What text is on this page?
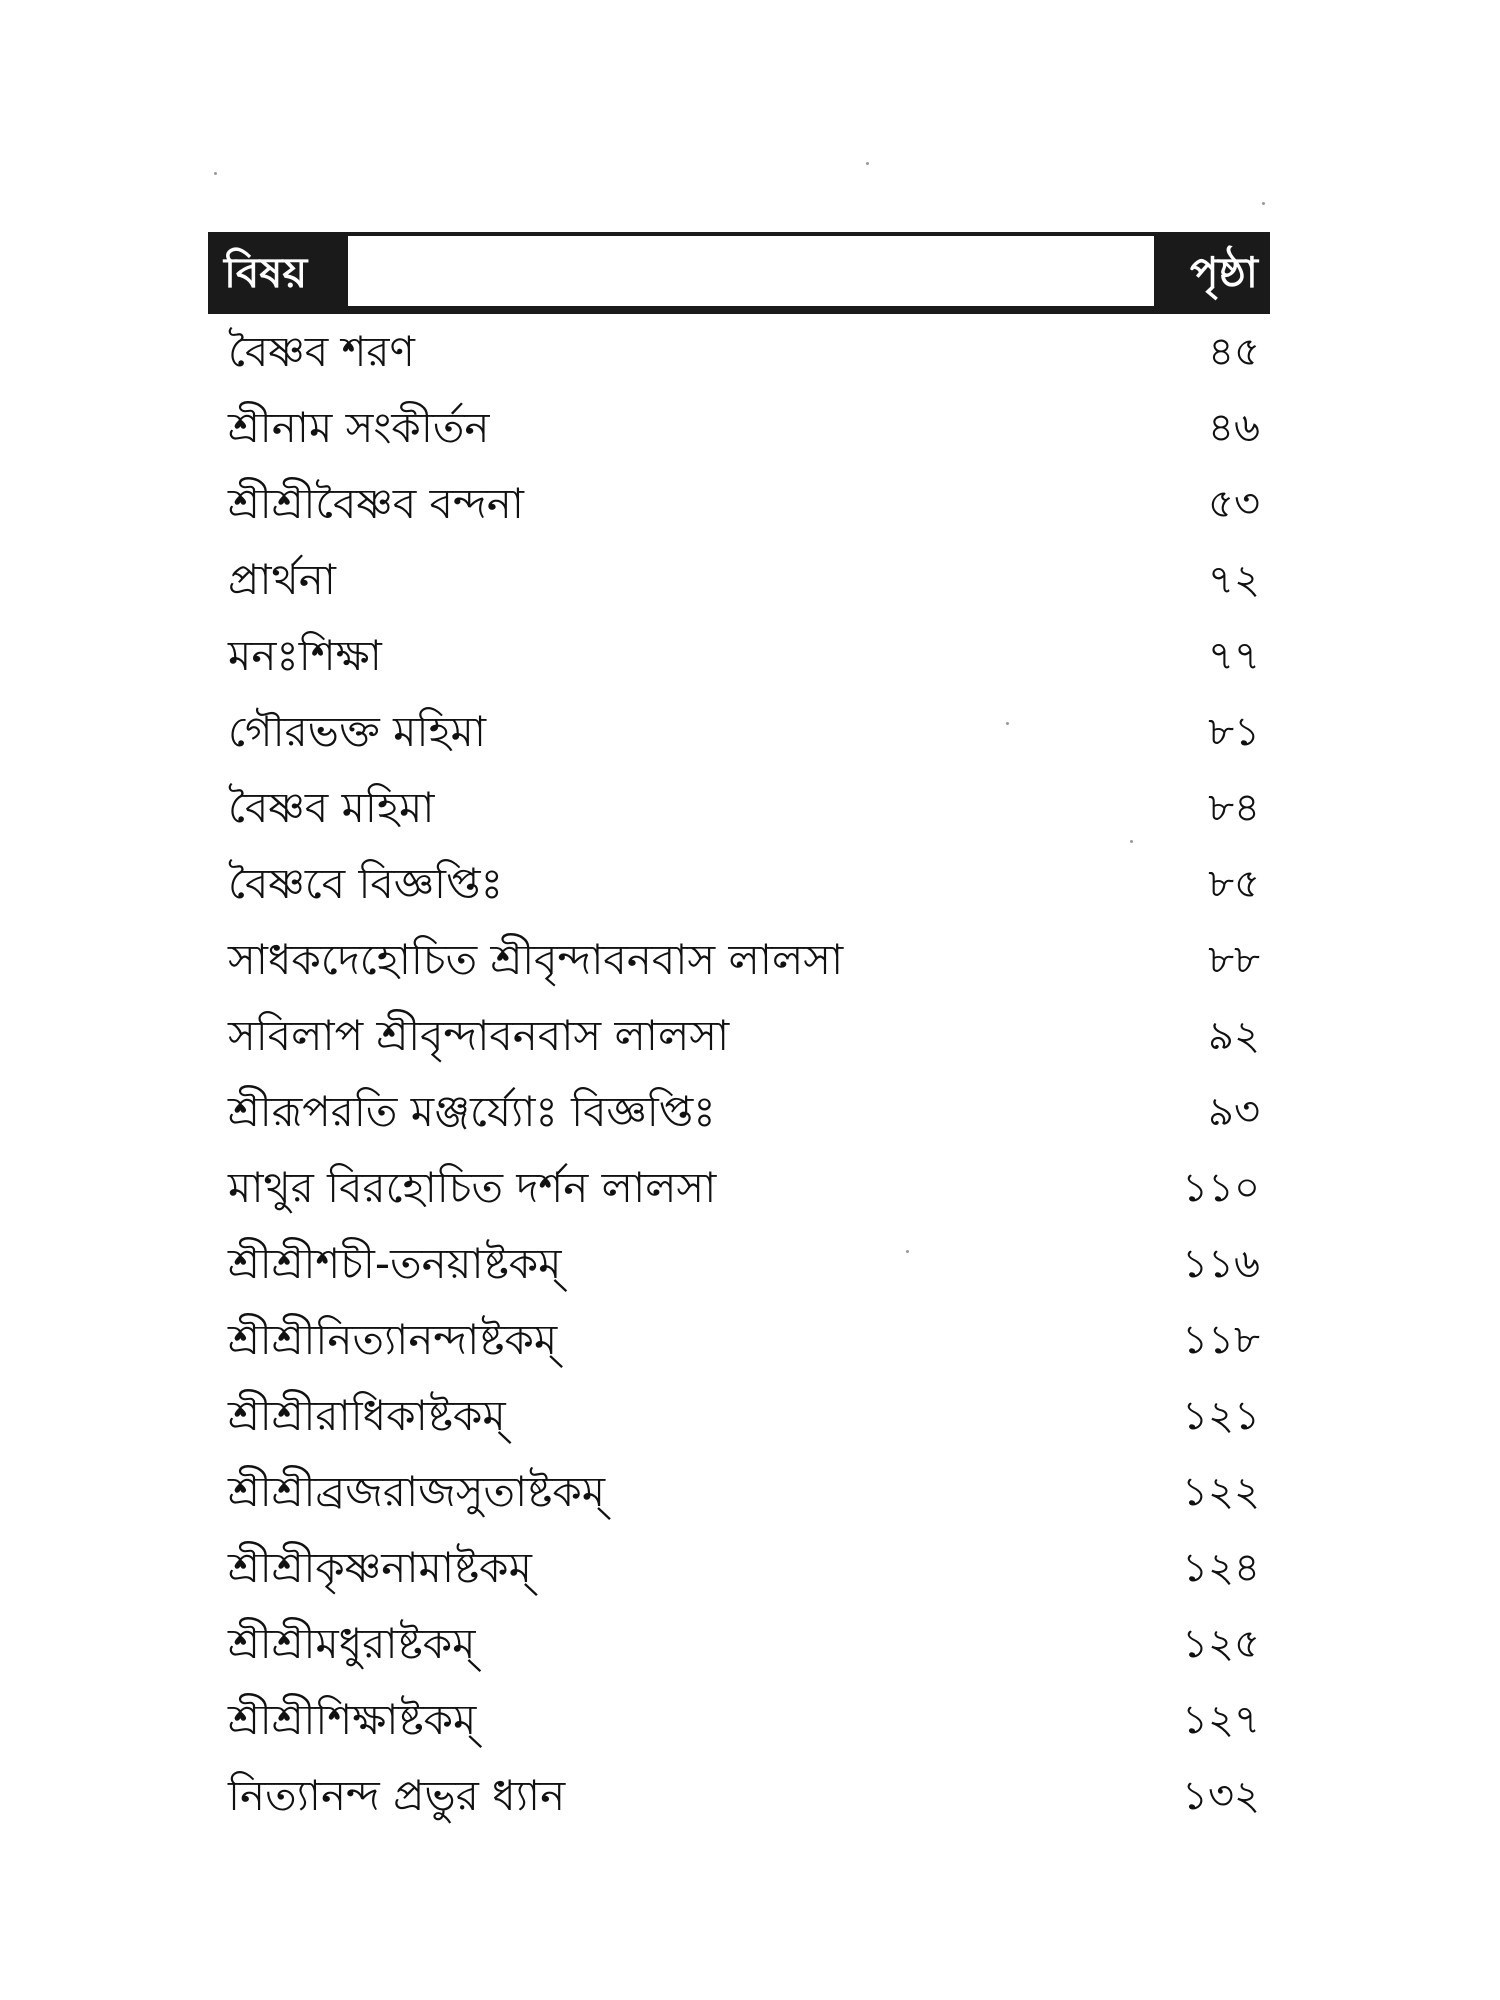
বিষয়	পৃষ্ঠা
বৈষ্ণব শরণ	৪৫
শ্রীনাম সংকীর্তন	৪৬
শ্রীশ্রীবৈষ্ণব বন্দনা	৫৩
প্রার্থনা	৭২
মনঃশিক্ষা	৭৭
গৌরভক্ত মহিমা	৮১
বৈষ্ণব মহিমা	৮৪
বৈষ্ণবে বিজ্ঞপ্তিঃ	৮৫
সাধকদেহোচিত শ্রীবৃন্দাবনবাস লালসা	৮৮
সবিলাপ শ্রীবৃন্দাবনবাস লালসা	৯২
শ্রীরূপরতি মঞ্জর্য্যোঃ বিজ্ঞপ্তিঃ	৯৩
মাথুর বিরহোচিত দর্শন লালসা	১১০
শ্রীশ্রীশচী-তনয়াষ্টকম্	১১৬
শ্রীশ্রীনিত্যানন্দাষ্টকম্	১১৮
শ্রীশ্রীরাধিকাষ্টকম্	১২১
শ্রীশ্রীব্রজরাজসুতাষ্টকম্	১২২
শ্রীশ্রীকৃষ্ণনামাষ্টকম্	১২৪
শ্রীশ্রীমধুরাষ্টকম্	১২৫
শ্রীশ্রীশিক্ষাষ্টকম্	১২৭
নিত্যানন্দ প্রভুর ধ্যান	১৩২
